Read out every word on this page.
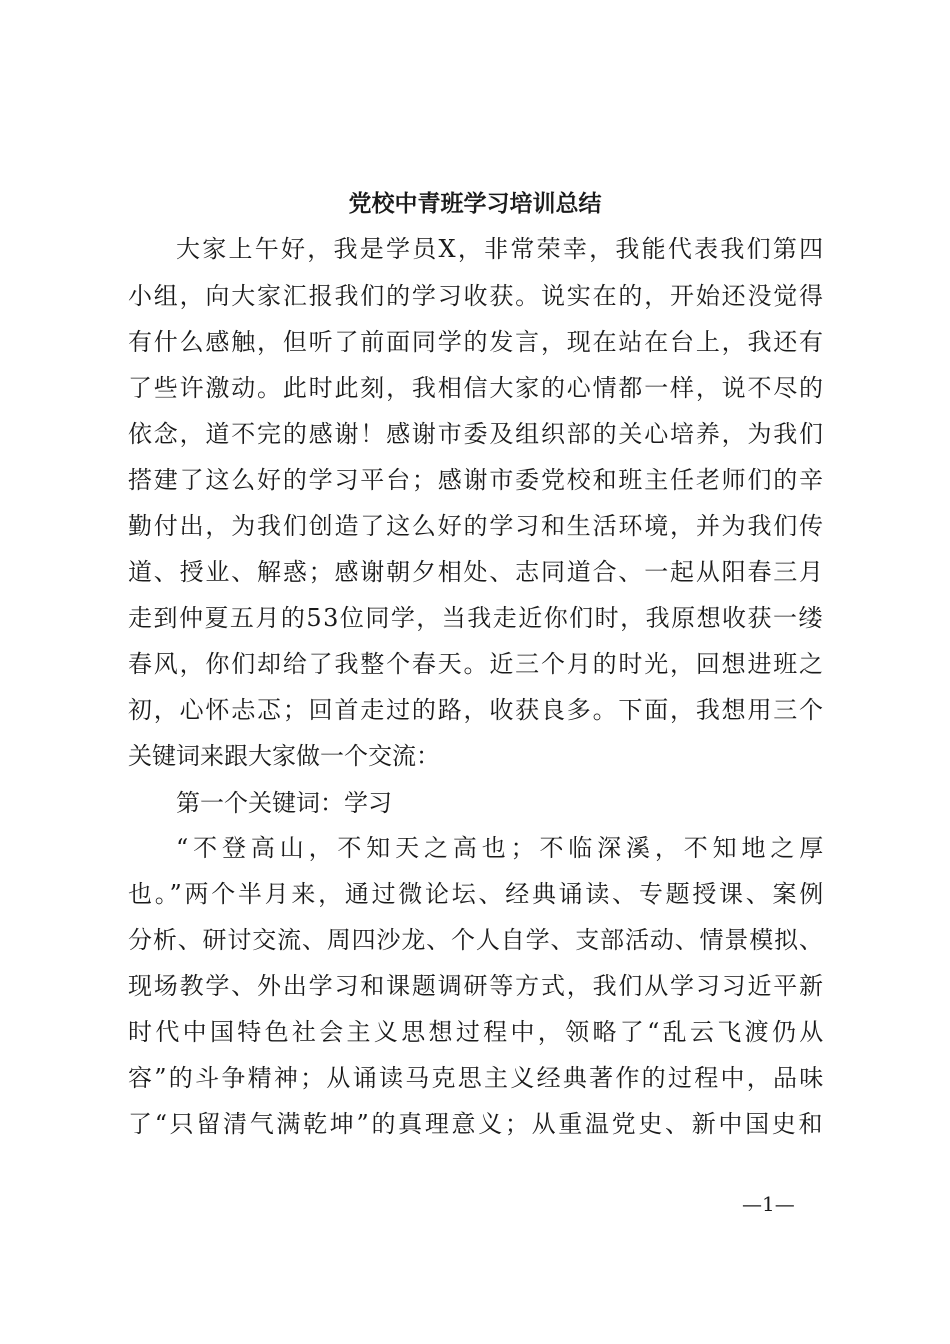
党校中青班学习培训总结

大家上午好，我是学员X，非常荣幸，我能代表我们第四

小组，向大家汇报我们的学习收获。说实在的，开始还没觉得

有什么感触，但听了前面同学的发言，现在站在台上，我还有

了些许激动。此时此刻，我相信大家的心情都一样，说不尽的

依念，道不完的感谢！感谢市委及组织部的关心培养，为我们

搭建了这么好的学习平台；感谢市委党校和班主任老师们的辛

勤付出，为我们创造了这么好的学习和生活环境，并为我们传

道、授业、解惑；感谢朝夕相处、志同道合、一起从阳春三月

走到仲夏五月的53位同学，当我走近你们时，我原想收获一缕

春风，你们却给了我整个春天。近三个月的时光，回想进班之

初，心怀忐忑；回首走过的路，收获良多。下面，我想用三个

关键词来跟大家做一个交流：

第一个关键词：学习

“不登高山，不知天之高也；不临深溪，不知地之厚

也。”两个半月来，通过微论坛、经典诵读、专题授课、案例

分析、研讨交流、周四沙龙、个人自学、支部活动、情景模拟、

现场教学、外出学习和课题调研等方式，我们从学习习近平新

时代中国特色社会主义思想过程中，领略了“乱云飞渡仍从

容”的斗争精神；从诵读马克思主义经典著作的过程中，品味

了“只留清气满乾坤”的真理意义；从重温党史、新中国史和

—1—
